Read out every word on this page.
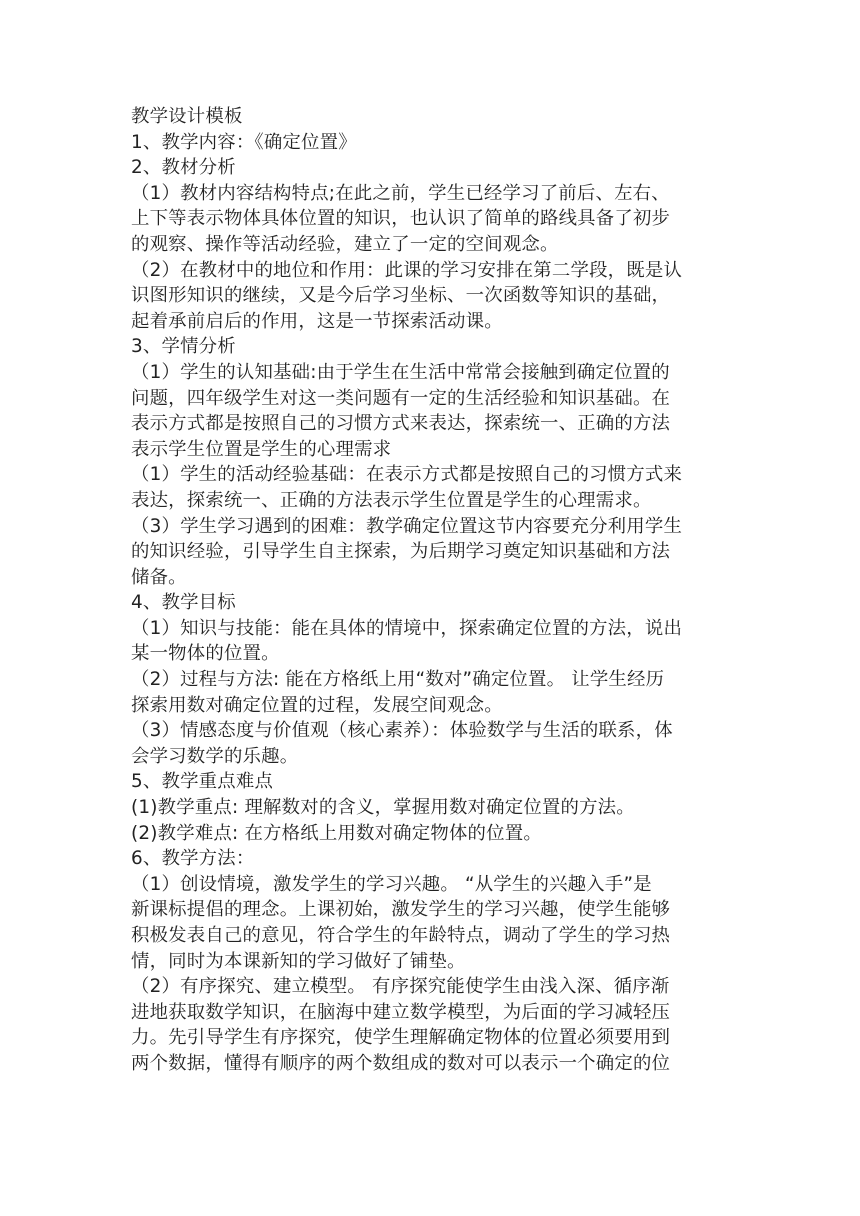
教学设计模板
1、教学内容：《确定位置》
2、教材分析
（1）教材内容结构特点;在此之前，学生已经学习了前后、左右、
上下等表示物体具体位置的知识，也认识了简单的路线具备了初步
的观察、操作等活动经验，建立了一定的空间观念。
（2）在教材中的地位和作用：此课的学习安排在第二学段，既是认
识图形知识的继续，又是今后学习坐标、一次函数等知识的基础，
起着承前启后的作用，这是一节探索活动课。
3、学情分析
（1）学生的认知基础:由于学生在生活中常常会接触到确定位置的
问题，四年级学生对这一类问题有一定的生活经验和知识基础。在
表示方式都是按照自己的习惯方式来表达，探索统一、正确的方法
表示学生位置是学生的心理需求
（1）学生的活动经验基础：在表示方式都是按照自己的习惯方式来
表达，探索统一、正确的方法表示学生位置是学生的心理需求。
（3）学生学习遇到的困难：教学确定位置这节内容要充分利用学生
的知识经验，引导学生自主探索，为后期学习奠定知识基础和方法
储备。
4、教学目标
（1）知识与技能：能在具体的情境中，探索确定位置的方法，说出
某一物体的位置。
（2）过程与方法: 能在方格纸上用“数对”确定位置。 让学生经历
探索用数对确定位置的过程，发展空间观念。
（3）情感态度与价值观（核心素养）：体验数学与生活的联系，体
会学习数学的乐趣。
5、教学重点难点
(1)教学重点: 理解数对的含义，掌握用数对确定位置的方法。
(2)教学难点: 在方格纸上用数对确定物体的位置。
6、教学方法：
（1）创设情境，激发学生的学习兴趣。 “从学生的兴趣入手”是
新课标提倡的理念。上课初始，激发学生的学习兴趣，使学生能够
积极发表自己的意见，符合学生的年龄特点，调动了学生的学习热
情，同时为本课新知的学习做好了铺垫。
（2）有序探究、建立模型。 有序探究能使学生由浅入深、循序渐
进地获取数学知识，在脑海中建立数学模型，为后面的学习减轻压
力。先引导学生有序探究，使学生理解确定物体的位置必须要用到
两个数据，懂得有顺序的两个数组成的数对可以表示一个确定的位
